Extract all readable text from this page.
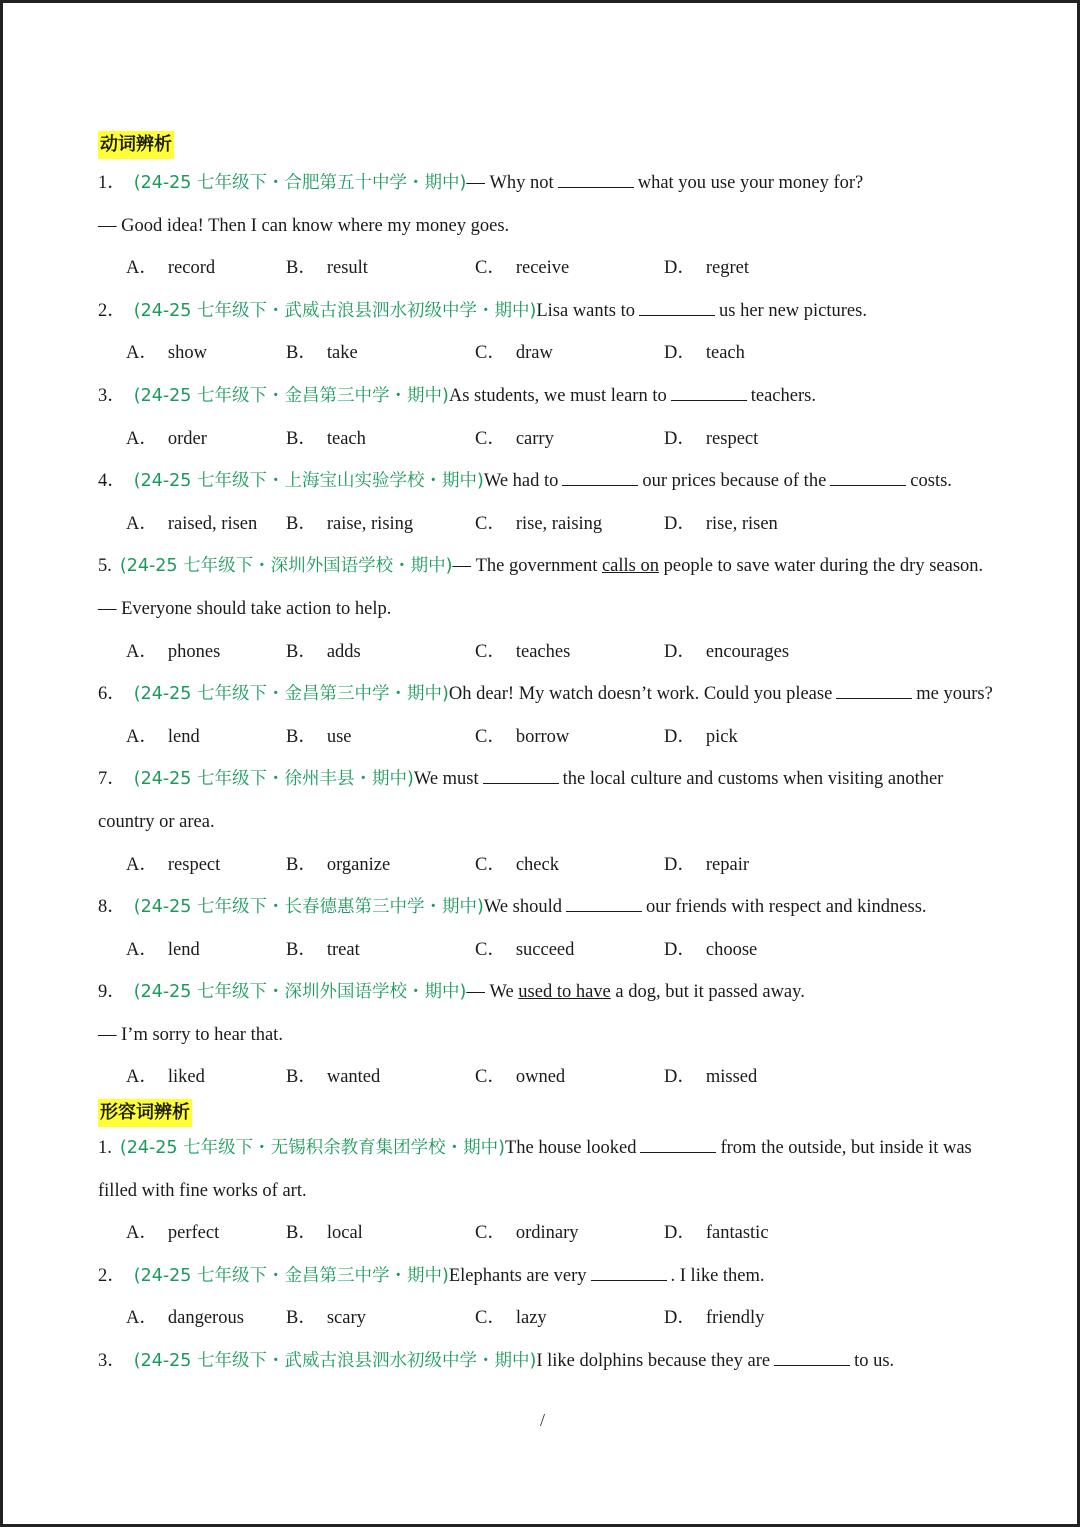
动词辨析
1． (24-25 七年级下・合肥第五十中学・期中)— Why not	what you use your money for?
— Good idea! Then I can know where my money goes.
A． record	B． result	C． receive	D． regret
2． (24-25 七年级下・武威古浪县泗水初级中学・期中)Lisa wants to	us her new pictures.
A． show	B． take	C． draw	D． teach
3． (24-25 七年级下・金昌第三中学・期中)As students, we must learn to	teachers.
A． order	B． teach	C． carry	D． respect
4． (24-25 七年级下・上海宝山实验学校・期中)We had to	our prices because of the	costs.
A． raised, risen B． raise, rising	C． rise, raising	D． rise, risen
5. (24-25 七年级下・深圳外国语学校・期中)— The government calls on people to save water during the dry season.
— Everyone should take action to help.
A． phones	B． adds	C． teaches	D． encourages
6． (24-25 七年级下・金昌第三中学・期中)Oh dear! My watch doesn’t work. Could you please	me yours?
A． lend	B． use	C． borrow	D． pick
7． (24-25 七年级下・徐州丰县・期中)We must	the local culture and customs when visiting another
country or area.
A． respect	B． organize	C． check	D． repair
8． (24-25 七年级下・长春德惠第三中学・期中)We should	our friends with respect and kindness.
A． lend	B． treat	C． succeed	D． choose
9． (24-25 七年级下・深圳外国语学校・期中)— We used to have a dog, but it passed away.
— I’m sorry to hear that.
A． liked	B． wanted	C． owned	D． missed
形容词辨析
1. (24-25 七年级下・无锡积余教育集团学校・期中)The house looked	from the outside, but inside it was
filled with fine works of art.
A． perfect	B． local	C． ordinary	D． fantastic
2． (24-25 七年级下・金昌第三中学・期中)Elephants are very	. I like them.
A． dangerous B． scary	C． lazy	D． friendly
3． (24-25 七年级下・武威古浪县泗水初级中学・期中)I like dolphins because they are	to us.
/
